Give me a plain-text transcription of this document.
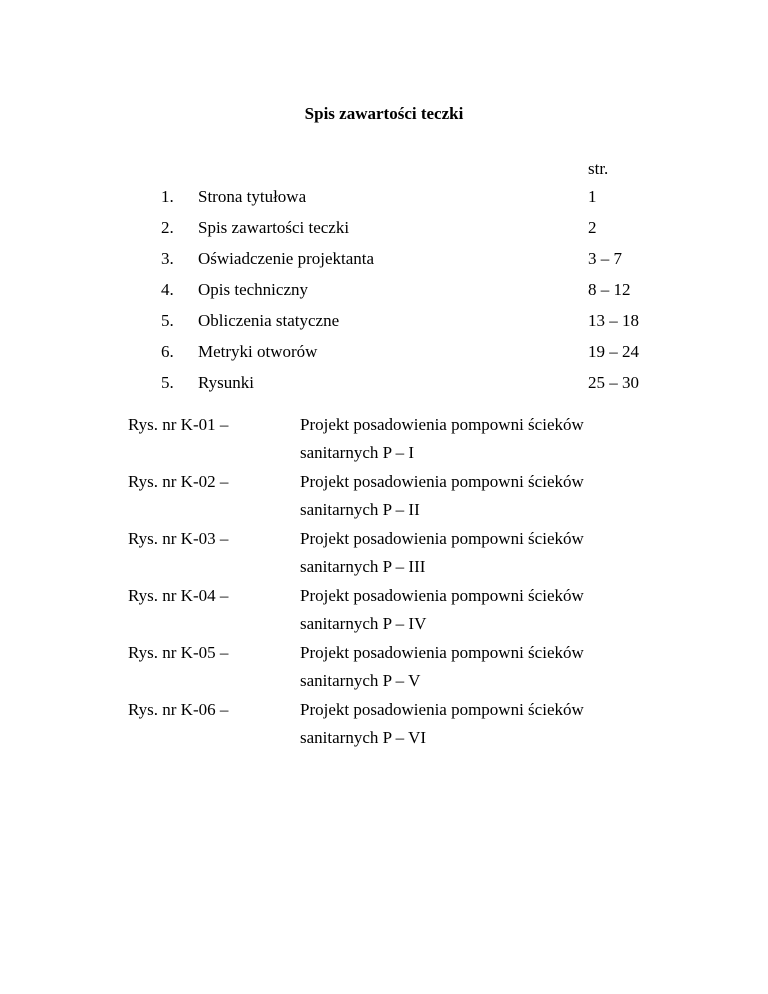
Spis zawartości teczki
str.
1. Strona tytułowa	1
2. Spis zawartości teczki	2
3. Oświadczenie projektanta	3 – 7
4. Opis techniczny	8 – 12
5. Obliczenia statyczne	13 – 18
6. Metryki otworów	19 – 24
5. Rysunki	25 – 30
Rys. nr K-01 –	Projekt posadowienia pompowni ścieków
sanitarnych P – I
Rys. nr K-02 –	Projekt posadowienia pompowni ścieków
sanitarnych P – II
Rys. nr K-03 –	Projekt posadowienia pompowni ścieków
sanitarnych P – III
Rys. nr K-04 –	Projekt posadowienia pompowni ścieków
sanitarnych P – IV
Rys. nr K-05 –	Projekt posadowienia pompowni ścieków
sanitarnych P – V
Rys. nr K-06 –	Projekt posadowienia pompowni ścieków
sanitarnych P – VI
